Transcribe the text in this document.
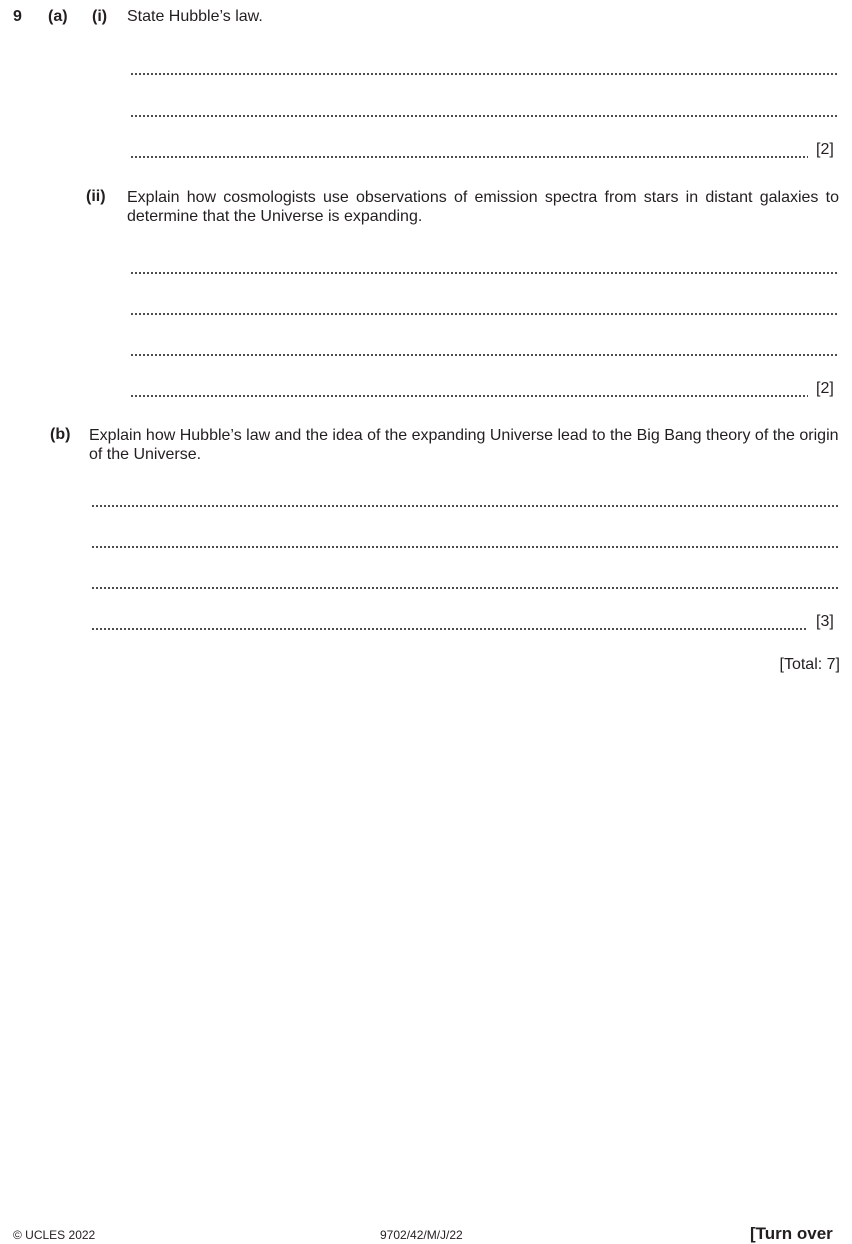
9 (a) (i) State Hubble’s law.
[2]
(ii) Explain how cosmologists use observations of emission spectra from stars in distant galaxies to determine that the Universe is expanding.
[2]
(b) Explain how Hubble’s law and the idea of the expanding Universe lead to the Big Bang theory of the origin of the Universe.
[3]
[Total: 7]
© UCLES 2022	9702/42/M/J/22	[Turn over
